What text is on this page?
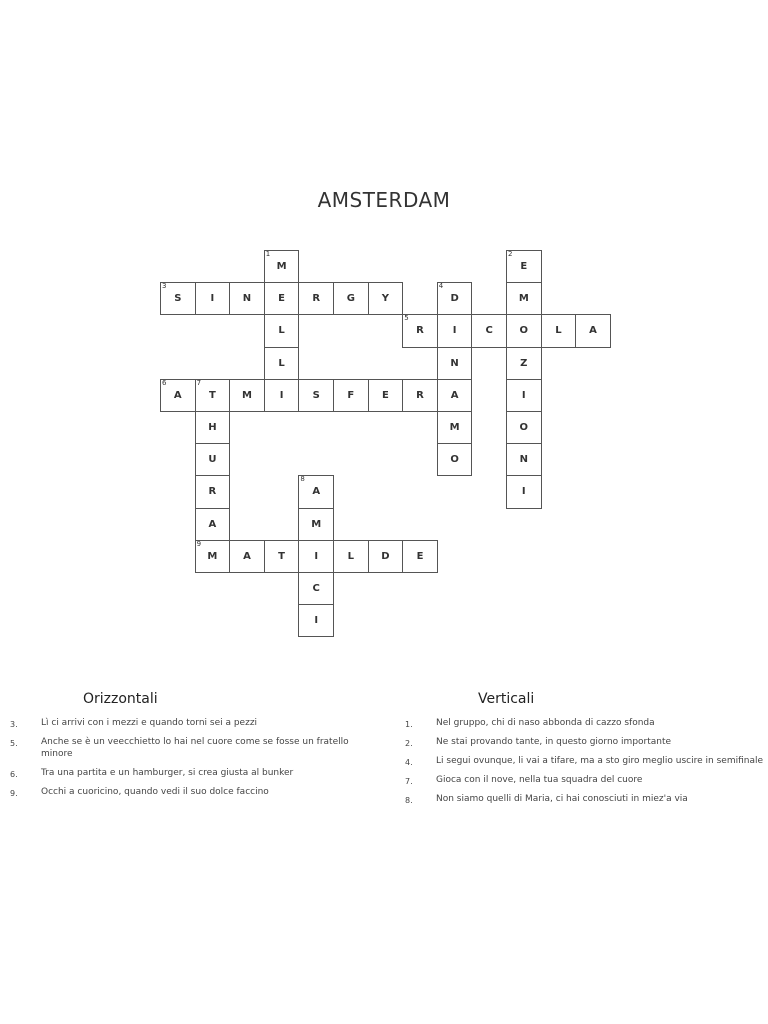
AMSTERDAM
1
M
E
L
L
I
2
E
M
O
Z
I
O
N
I
3
S	I	N	R	G	Y
4
D
I
N
A
M
O
5
R	C	L	A
6
A
7
T	M	S	F	E	R
H
U
R
A
8
A
M
I
C
I
9
M	A	T	L	D	E
Orizzontali
3.	Lì ci arrivi con i mezzi e quando torni sei a pezzi
5.	Anche se è un veecchietto lo hai nel cuore come se fosse un fratello minore
6.	Tra una partita e un hamburger, si crea giusta al bunker
9.	Occhi a cuoricino, quando vedi il suo dolce faccino
Verticali
1.	Nel gruppo, chi di naso abbonda di cazzo sfonda
2.	Ne stai provando tante, in questo giorno importante
4.	Li segui ovunque, li vai a tifare, ma a sto giro meglio uscire in semifinale
7.	Gioca con il nove, nella tua squadra del cuore
8.	Non siamo quelli di Maria, ci hai conosciuti in miez'a via
